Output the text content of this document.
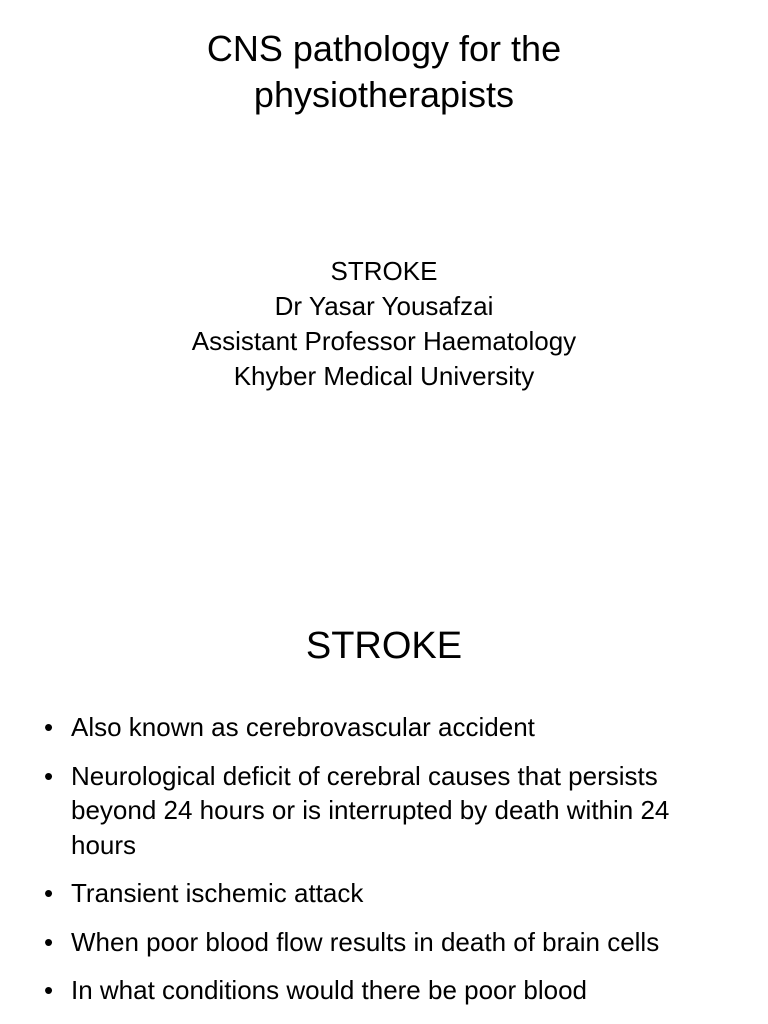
CNS pathology for the
physiotherapists
STROKE
Dr Yasar Yousafzai
Assistant Professor Haematology
Khyber Medical University
STROKE
• Also known as cerebrovascular accident
• Neurological deficit of cerebral causes that persists beyond 24 hours or is interrupted by death within 24 hours
• Transient ischemic attack
• When poor blood flow results in death of brain cells
• In what conditions would there be poor blood
